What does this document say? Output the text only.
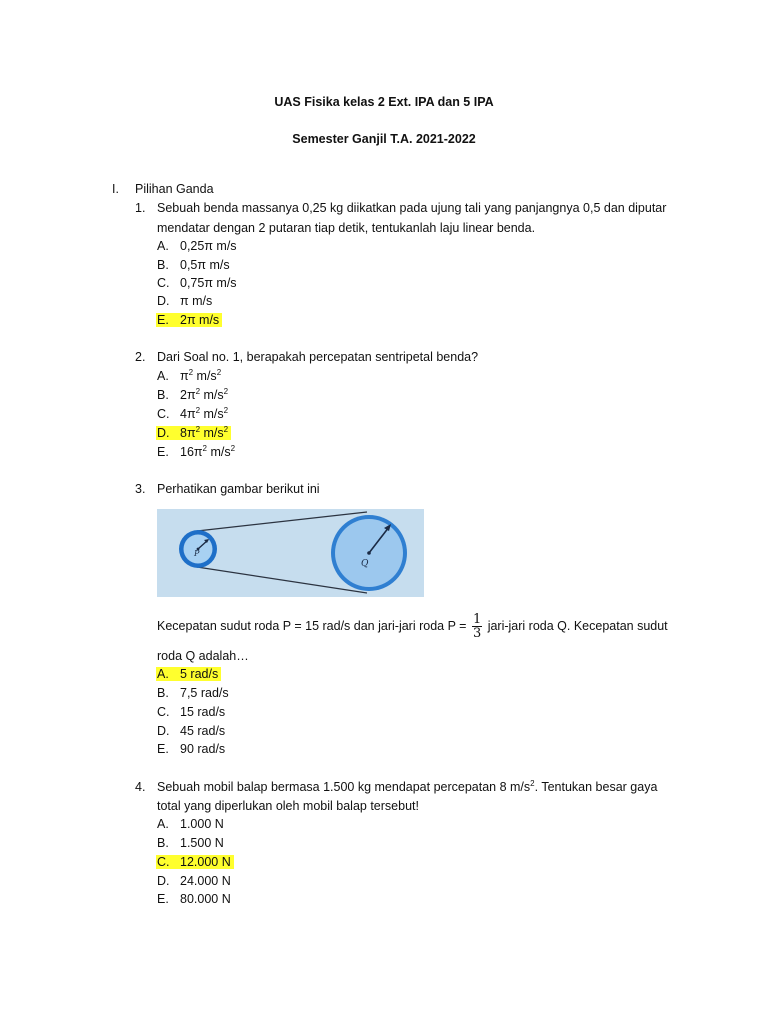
UAS Fisika kelas 2 Ext. IPA dan 5 IPA
Semester Ganjil T.A. 2021-2022
I. Pilihan Ganda
1. Sebuah benda massanya 0,25 kg diikatkan pada ujung tali yang panjangnya 0,5 dan diputar
mendatar dengan 2 putaran tiap detik, tentukanlah laju linear benda.
A. 0,25π m/s
B. 0,5π m/s
C. 0,75π m/s
D. π m/s
E. 2π m/s
2. Dari Soal no. 1, berapakah percepatan sentripetal benda?
A. $\pi^2$ $m/s^2$
B. $2\pi^2$ $m/s^2$
C. $4\pi^2$ $m/s^2$
D. $8\pi^2$ $m/s^2$
E. $16\pi^2$ $m/s^2$
3. Perhatikan gambar berikut ini
P
Q
Kecepatan sudut roda P = 15 rad/s dan jari-jari roda $P = \frac{1}{3}$ jari-jari roda Q. Kecepatan sudut
roda Q adalah…
A. 5 rad/s
B. 7,5 rad/s
C. 15 rad/s
D. 45 rad/s
E. 90 rad/s
4. Sebuah mobil balap bermasa 1.500 kg mendapat percepatan 8 $m/s^2$. Tentukan besar gaya
total yang diperlukan oleh mobil balap tersebut!
A. 1.000 N
B. 1.500 N
C. 12.000 N
D. 24.000 N
E. 80.000 N
